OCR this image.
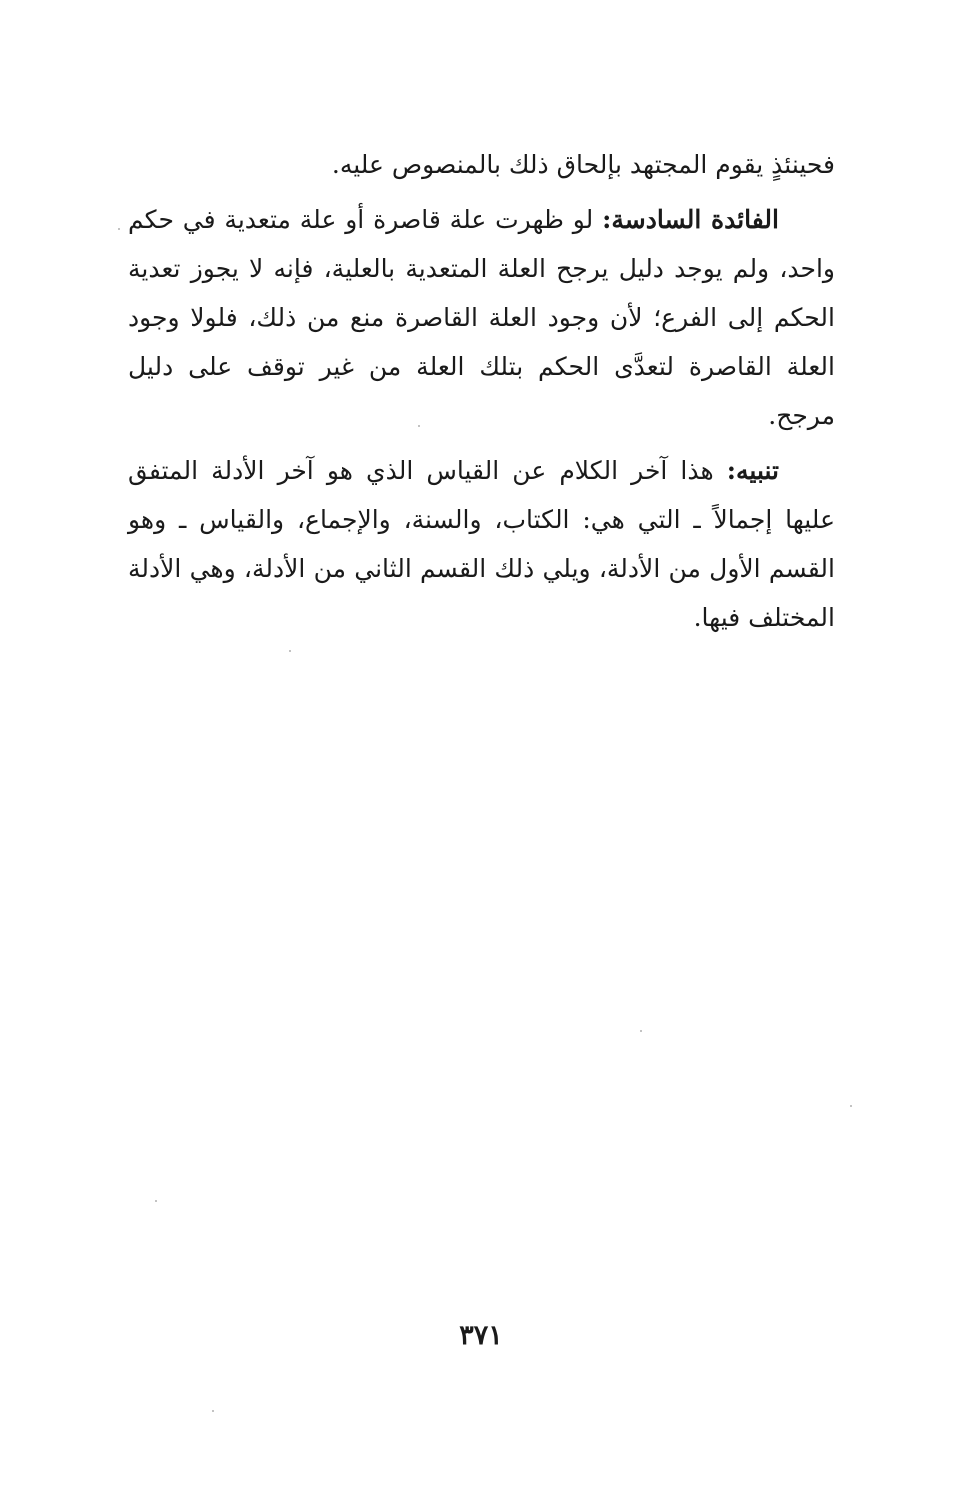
فحينئذٍ يقوم المجتهد بإلحاق ذلك بالمنصوص عليه.

الفائدة السادسة: لو ظهرت علة قاصرة أو علة متعدية في حكم واحد، ولم يوجد دليل يرجح العلة المتعدية بالعلية، فإنه لا يجوز تعدية الحكم إلى الفرع؛ لأن وجود العلة القاصرة منع من ذلك، فلولا وجود العلة القاصرة لتعدَّى الحكم بتلك العلة من غير توقف على دليل مرجح.

تنبيه: هذا آخر الكلام عن القياس الذي هو آخر الأدلة المتفق عليها إجمالاً ـ التي هي: الكتاب، والسنة، والإجماع، والقياس ـ وهو القسم الأول من الأدلة، ويلي ذلك القسم الثاني من الأدلة، وهي الأدلة المختلف فيها.

٣٧١
